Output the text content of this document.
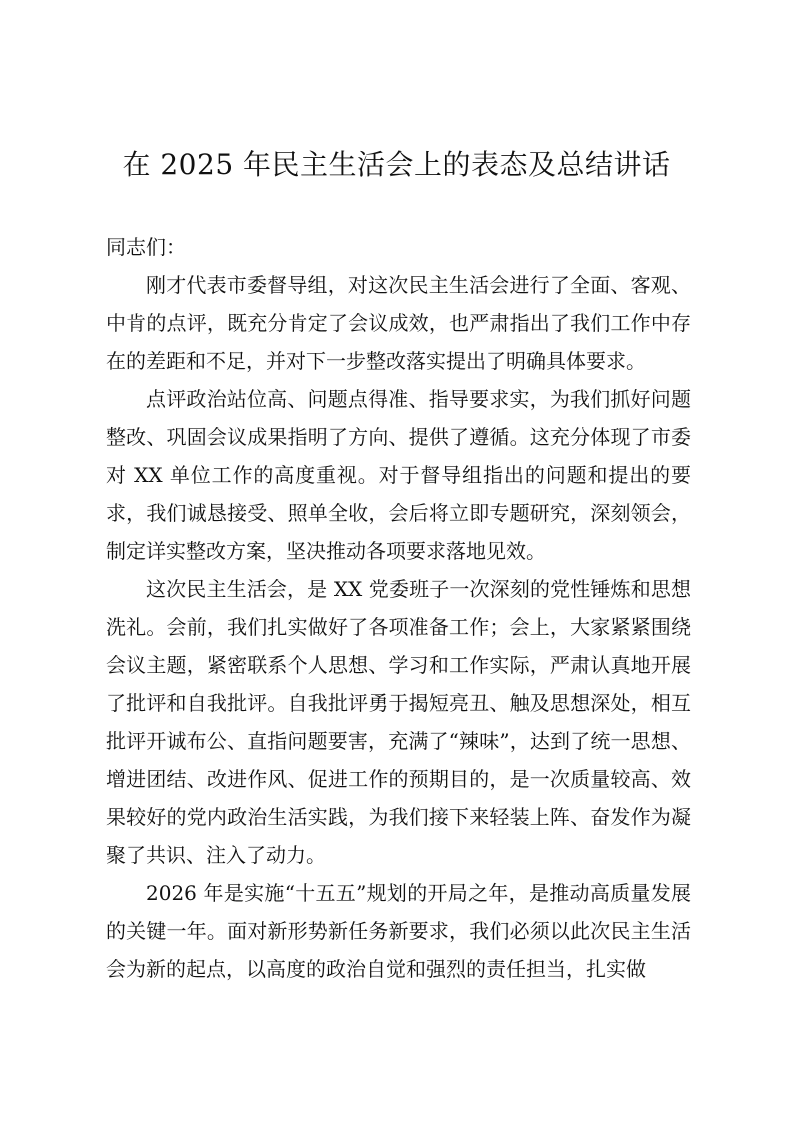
在 2025 年民主生活会上的表态及总结讲话

同志们：

刚才代表市委督导组，对这次民主生活会进行了全面、客观、中肯的点评，既充分肯定了会议成效，也严肃指出了我们工作中存在的差距和不足，并对下一步整改落实提出了明确具体要求。

点评政治站位高、问题点得准、指导要求实，为我们抓好问题整改、巩固会议成果指明了方向、提供了遵循。这充分体现了市委对 XX 单位工作的高度重视。对于督导组指出的问题和提出的要求，我们诚恳接受、照单全收，会后将立即专题研究，深刻领会，制定详实整改方案，坚决推动各项要求落地见效。

这次民主生活会，是 XX 党委班子一次深刻的党性锤炼和思想洗礼。会前，我们扎实做好了各项准备工作；会上，大家紧紧围绕会议主题，紧密联系个人思想、学习和工作实际，严肃认真地开展了批评和自我批评。自我批评勇于揭短亮丑、触及思想深处，相互批评开诚布公、直指问题要害，充满了“辣味”，达到了统一思想、增进团结、改进作风、促进工作的预期目的，是一次质量较高、效果较好的党内政治生活实践，为我们接下来轻装上阵、奋发作为凝聚了共识、注入了动力。

2026 年是实施“十五五”规划的开局之年，是推动高质量发展的关键一年。面对新形势新任务新要求，我们必须以此次民主生活会为新的起点，以高度的政治自觉和强烈的责任担当，扎实做
